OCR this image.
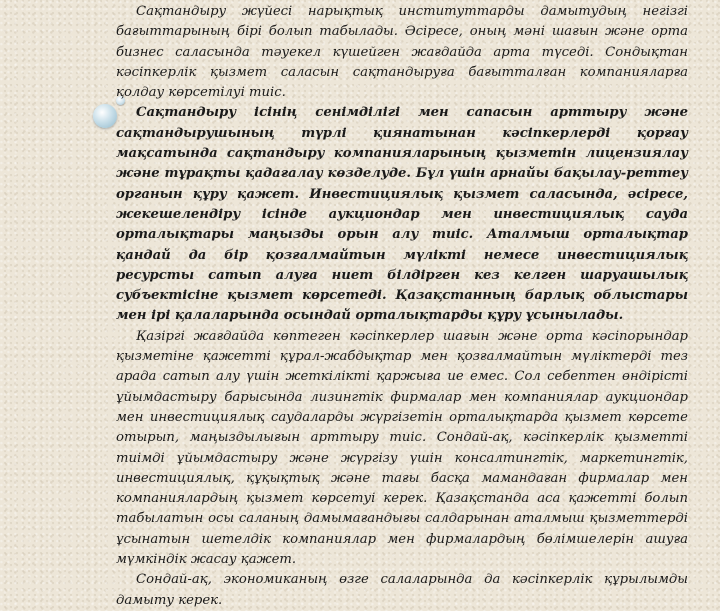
Сақтандыру жүйесі нарықтық институттарды дамытудың негізгі бағыттарының бірі болып табылады. Әсіресе, оның мәні шағын және орта бизнес саласында тәуекел күшейген жағдайда арта түседі. Сондықтан кәсіпкерлік қызмет саласын сақтандыруға бағытталған компанияларға қолдау көрсетілуі тиіс.

Сақтандыру ісінің сенімділігі мен сапасын арттыру және сақтандырушының түрлі қиянатынан кәсіпкерлерді қорғау мақсатында сақтандыру компанияларының қызметін лицензиялау және тұрақты қадағалау көзделуде. Бұл үшін арнайы бақылау-реттеу органын құру қажет. Инвестициялық қызмет саласында, әсіресе, жекешелендіру ісінде аукциондар мен инвестициялық сауда орталықтары маңызды орын алу тиіс. Аталмыш орталықтар қандай да бір қозғалмайтын мүлікті немесе инвестициялық ресурсты сатып алуға ниет білдірген кез келген шаруашылық субъектісіне қызмет көрсетеді. Қазақстанның барлық облыстары мен ірі қалаларында осындай орталықтарды құру ұсынылады.

Қазіргі жағдайда көптеген кәсіпкерлер шағын және орта кәсіпорындар қызметіне қажетті құрал-жабдықтар мен қозғалмайтын мүліктерді тез арада сатып алу үшін жеткілікті қаржыға ие емес. Сол себептен өндірісті ұйымдастыру барысында лизингтік фирмалар мен компаниялар аукциондар мен инвестициялық саудаларды жүргізетін орталықтарда қызмет көрсете отырып, маңыздылығын арттыру тиіс. Сондай-ақ, кәсіпкерлік қызметті тиімді ұйымдастыру және жүргізу үшін консалтингтік, маркетингтік, инвестициялық, құқықтық және тағы басқа мамандаған фирмалар мен компаниялардың қызмет көрсетуі керек. Қазақстанда аса қажетті болып табылатын осы саланың дамымағандығы салдарынан аталмыш қызметтерді ұсынатын шетелдік компаниялар мен фирмалардың бөлімшелерін ашуға мүмкіндік жасау қажет.

Сондай-ақ, экономиканың өзге салаларында да кәсіпкерлік құрылымды дамыту керек.
